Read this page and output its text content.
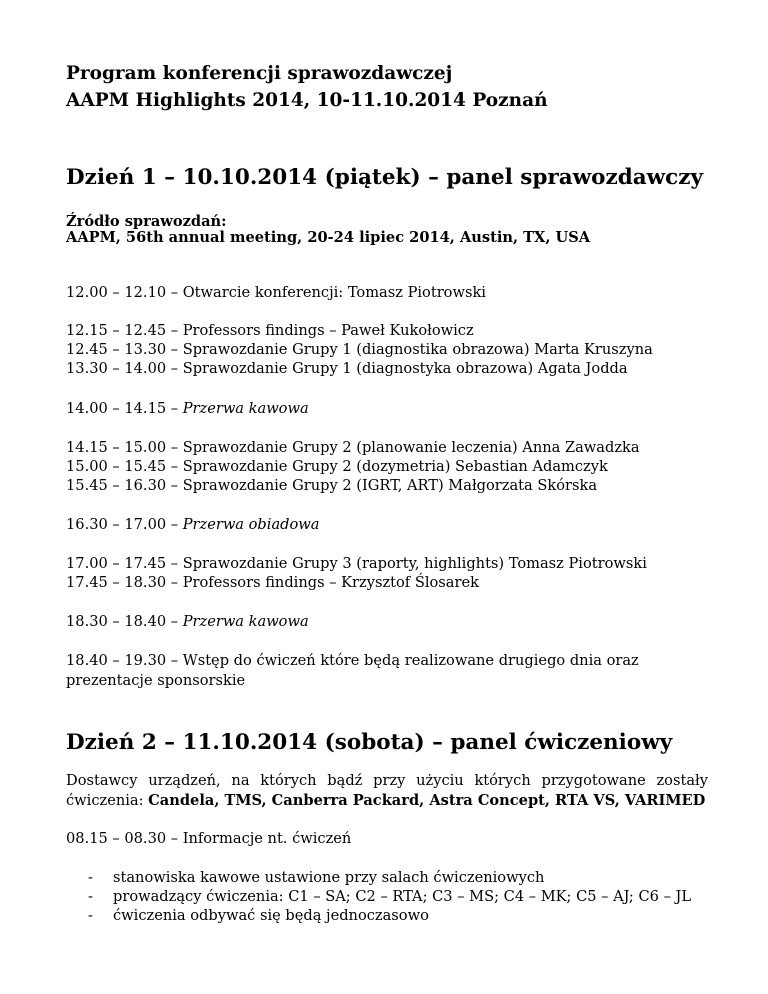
Program konferencji sprawozdawczej
AAPM Highlights 2014, 10-11.10.2014 Poznań
Dzień 1 – 10.10.2014 (piątek) – panel sprawozdawczy
Źródło sprawozdań:
AAPM, 56th annual meeting, 20-24 lipiec 2014, Austin, TX, USA
12.00 – 12.10 – Otwarcie konferencji: Tomasz Piotrowski
12.15 – 12.45 – Professors findings – Paweł Kukołowicz
12.45 – 13.30 – Sprawozdanie Grupy 1 (diagnostika obrazowa) Marta Kruszyna
13.30 – 14.00 – Sprawozdanie Grupy 1 (diagnostyka obrazowa) Agata Jodda
14.00 – 14.15 – Przerwa kawowa
14.15 – 15.00 – Sprawozdanie Grupy 2 (planowanie leczenia) Anna Zawadzka
15.00 – 15.45 – Sprawozdanie Grupy 2 (dozymetria) Sebastian Adamczyk
15.45 – 16.30 – Sprawozdanie Grupy 2 (IGRT, ART) Małgorzata Skórska
16.30 – 17.00 – Przerwa obiadowa
17.00 – 17.45 – Sprawozdanie Grupy 3 (raporty, highlights) Tomasz Piotrowski
17.45 – 18.30 – Professors findings – Krzysztof Ślosarek
18.30 – 18.40 – Przerwa kawowa
18.40 – 19.30 – Wstęp do ćwiczeń które będą realizowane drugiego dnia oraz prezentacje sponsorskie
Dzień 2 – 11.10.2014 (sobota) – panel ćwiczeniowy
Dostawcy urządzeń, na których bądź przy użyciu których przygotowane zostały ćwiczenia: Candela, TMS, Canberra Packard, Astra Concept, RTA VS, VARIMED
08.15 – 08.30 – Informacje nt. ćwiczeń
- stanowiska kawowe ustawione przy salach ćwiczeniowych
- prowadzący ćwiczenia: C1 – SA; C2 – RTA; C3 – MS; C4 – MK; C5 – AJ; C6 – JL
- ćwiczenia odbywać się będą jednoczasowo
